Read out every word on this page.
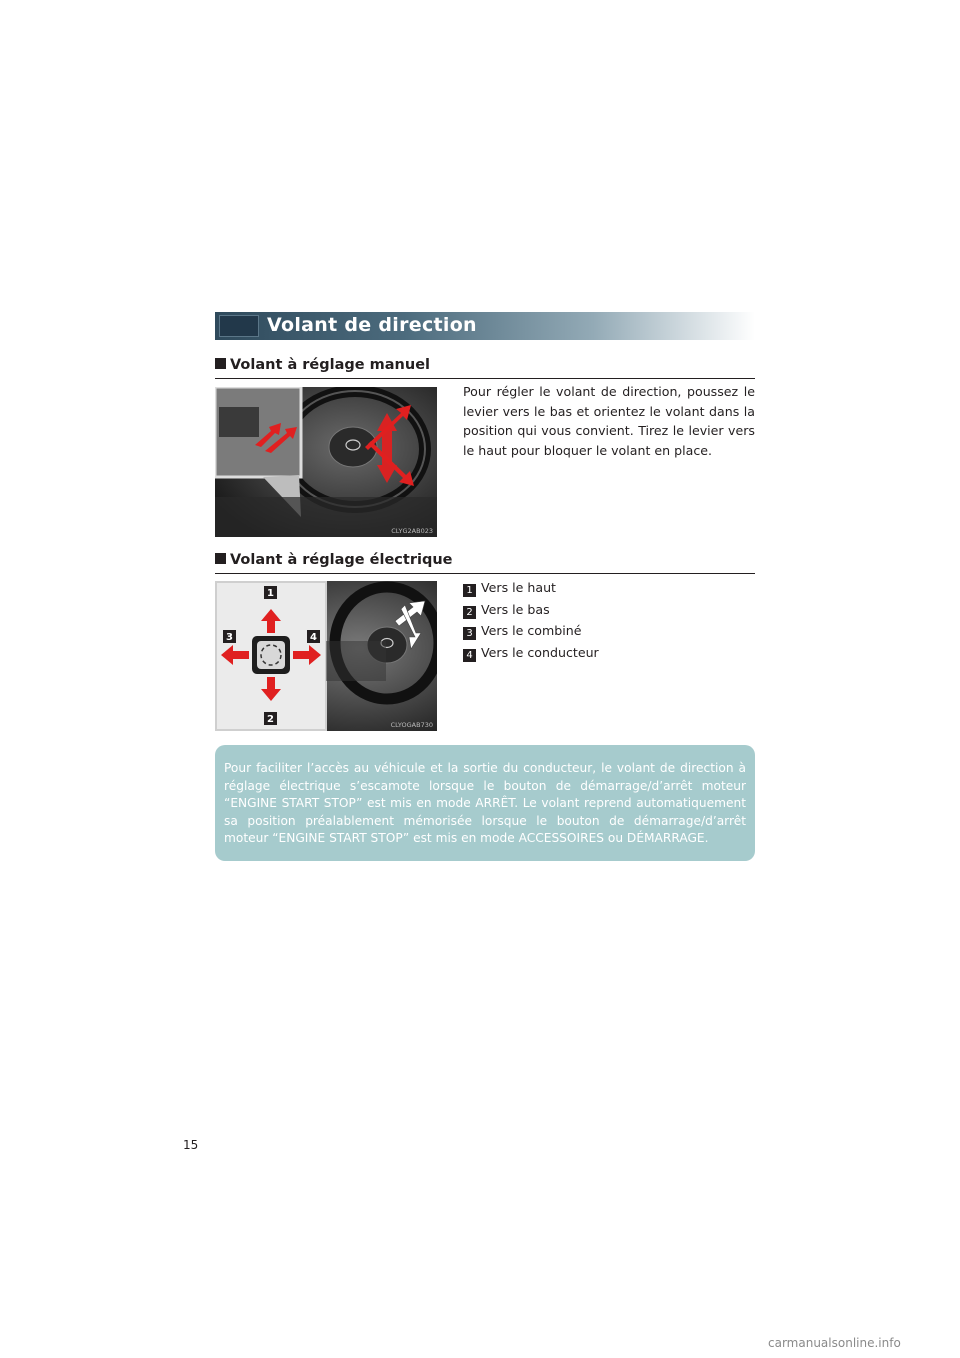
Volant de direction
Volant à réglage manuel
CLYG2AB023
Pour régler le volant de direction, poussez le levier vers le bas et orientez le volant dans la position qui vous convient. Tirez le levier vers le haut pour bloquer le volant en place.
Volant à réglage électrique
1
3	4
2	CLYOGAB730
1 Vers le haut
2 Vers le bas
3 Vers le combiné
4 Vers le conducteur
Pour faciliter l’accès au véhicule et la sortie du conducteur, le volant de direction à réglage électrique s’escamote lorsque le bouton de démarrage/d’arrêt moteur “ENGINE START STOP” est mis en mode ARRÊT. Le volant reprend automatiquement sa position préalablement mémorisée lorsque le bouton de démarrage/d’arrêt moteur “ENGINE START STOP” est mis en mode ACCESSOIRES ou DÉMARRAGE.
15
carmanualsonline.info
